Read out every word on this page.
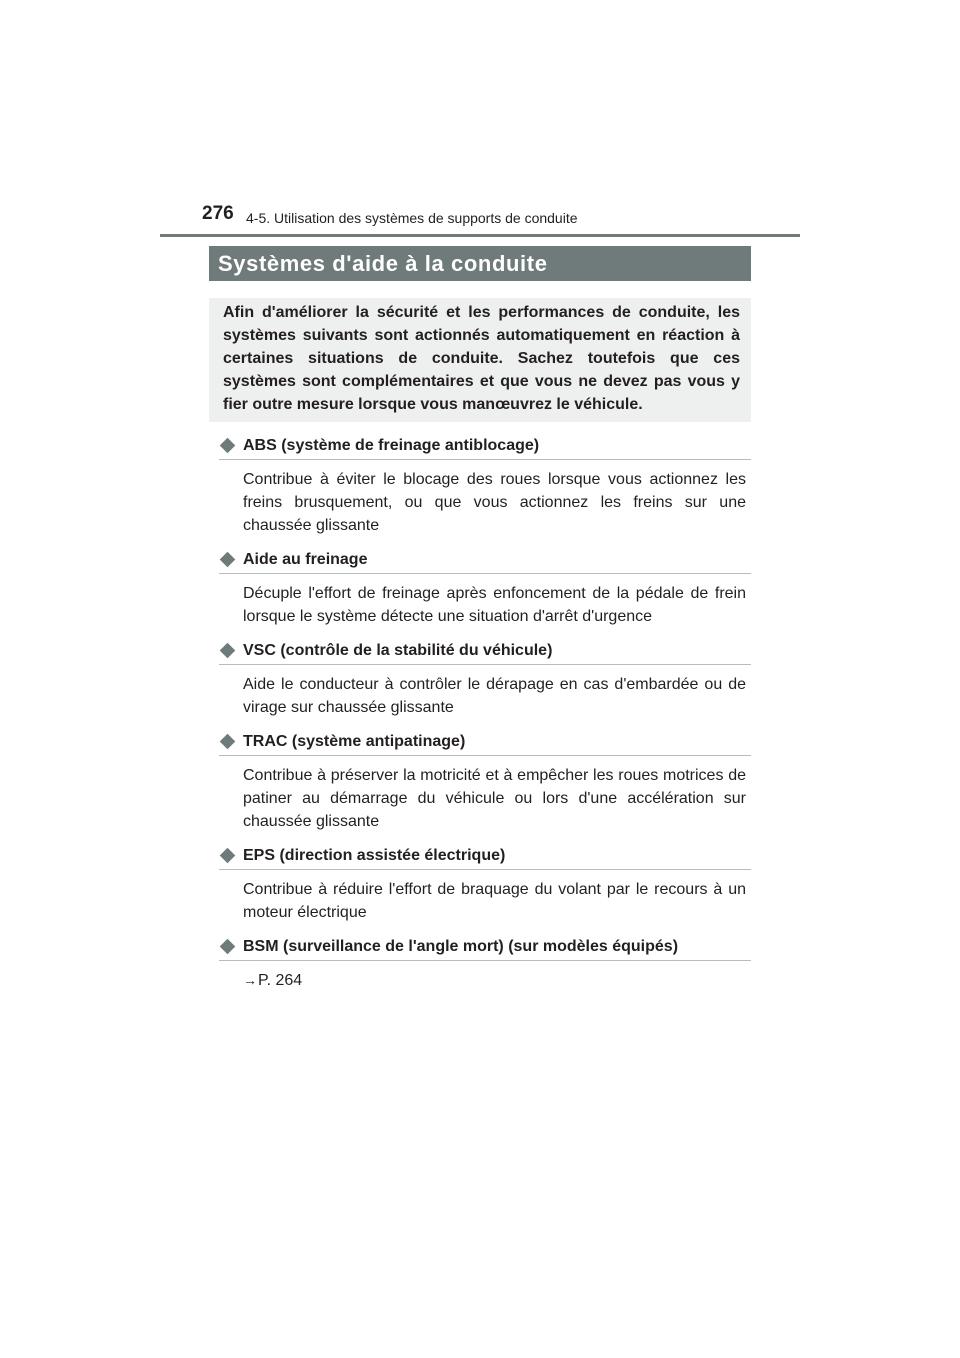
276 4-5. Utilisation des systèmes de supports de conduite
Systèmes d'aide à la conduite
Afin d'améliorer la sécurité et les performances de conduite, les systèmes suivants sont actionnés automatiquement en réaction à certaines situations de conduite. Sachez toutefois que ces systèmes sont complémentaires et que vous ne devez pas vous y fier outre mesure lorsque vous manœuvrez le véhicule.
ABS (système de freinage antiblocage)
Contribue à éviter le blocage des roues lorsque vous actionnez les freins brusquement, ou que vous actionnez les freins sur une chaussée glissante
Aide au freinage
Décuple l'effort de freinage après enfoncement de la pédale de frein lorsque le système détecte une situation d'arrêt d'urgence
VSC (contrôle de la stabilité du véhicule)
Aide le conducteur à contrôler le dérapage en cas d'embardée ou de virage sur chaussée glissante
TRAC (système antipatinage)
Contribue à préserver la motricité et à empêcher les roues motrices de patiner au démarrage du véhicule ou lors d'une accélération sur chaussée glissante
EPS (direction assistée électrique)
Contribue à réduire l'effort de braquage du volant par le recours à un moteur électrique
BSM (surveillance de l'angle mort) (sur modèles équipés)
→P. 264
